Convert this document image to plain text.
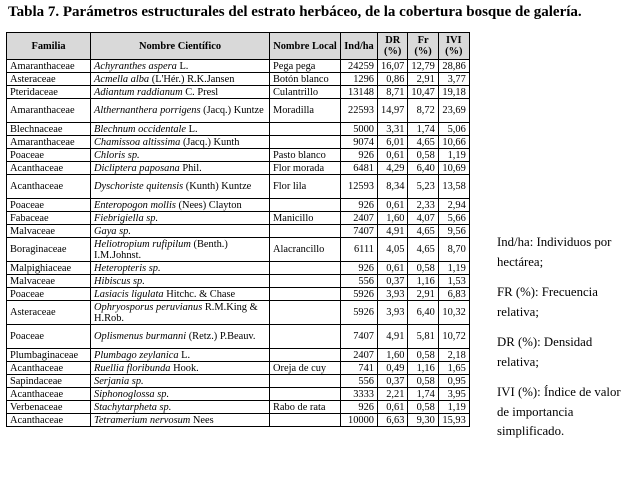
Tabla 7. Parámetros estructurales del estrato herbáceo, de la cobertura bosque de galería.
Familia	Nombre Científico	Nombre Local	Ind/ha	DR (%)	Fr (%)	IVI (%)
Amaranthaceae	Achyranthes aspera L.	Pega pega	24259	16,07	12,79	28,86
Asteraceae	Acmella alba (L'Hér.) R.K.Jansen	Botón blanco	1296	0,86	2,91	3,77
Pteridaceae	Adiantum raddianum C. Presl	Culantrillo	13148	8,71	10,47	19,18
Amaranthaceae	Althernanthera porrigens (Jacq.) Kuntze	Moradilla	22593	14,97	8,72	23,69
Blechnaceae	Blechnum occidentale L.		5000	3,31	1,74	5,06
Amaranthaceae	Chamissoa altissima (Jacq.) Kunth		9074	6,01	4,65	10,66
Poaceae	Chloris sp.	Pasto blanco	926	0,61	0,58	1,19
Acanthaceae	Dicliptera paposana Phil.	Flor morada	6481	4,29	6,40	10,69
Acanthaceae	Dyschoriste quitensis (Kunth) Kuntze	Flor lila	12593	8,34	5,23	13,58
Poaceae	Enteropogon mollis (Nees) Clayton		926	0,61	2,33	2,94
Fabaceae	Fiebrigiella sp.	Manicillo	2407	1,60	4,07	5,66
Malvaceae	Gaya sp.		7407	4,91	4,65	9,56
Boraginaceae	Heliotropium rufipilum (Benth.) I.M.Johnst.	Alacrancillo	6111	4,05	4,65	8,70
Malpighiaceae	Heteropteris sp.		926	0,61	0,58	1,19
Malvaceae	Hibiscus sp.		556	0,37	1,16	1,53
Poaceae	Lasiacis ligulata Hitchc. & Chase		5926	3,93	2,91	6,83
Asteraceae	Ophryosporus peruvianus R.M.King & H.Rob.		5926	3,93	6,40	10,32
Poaceae	Oplismenus burmanni (Retz.) P.Beauv.		7407	4,91	5,81	10,72
Plumbaginaceae	Plumbago zeylanica L.		2407	1,60	0,58	2,18
Acanthaceae	Ruellia floribunda Hook.	Oreja de cuy	741	0,49	1,16	1,65
Sapindaceae	Serjania sp.		556	0,37	0,58	0,95
Acanthaceae	Siphonoglossa sp.		3333	2,21	1,74	3,95
Verbenaceae	Stachytarpheta sp.	Rabo de rata	926	0,61	0,58	1,19
Acanthaceae	Tetramerium nervosum Nees		10000	6,63	9,30	15,93

Ind/ha: Individuos por hectárea;

FR (%): Frecuencia relativa;

DR (%): Densidad relativa;

IVI (%): Índice de valor de importancia simplificado.
